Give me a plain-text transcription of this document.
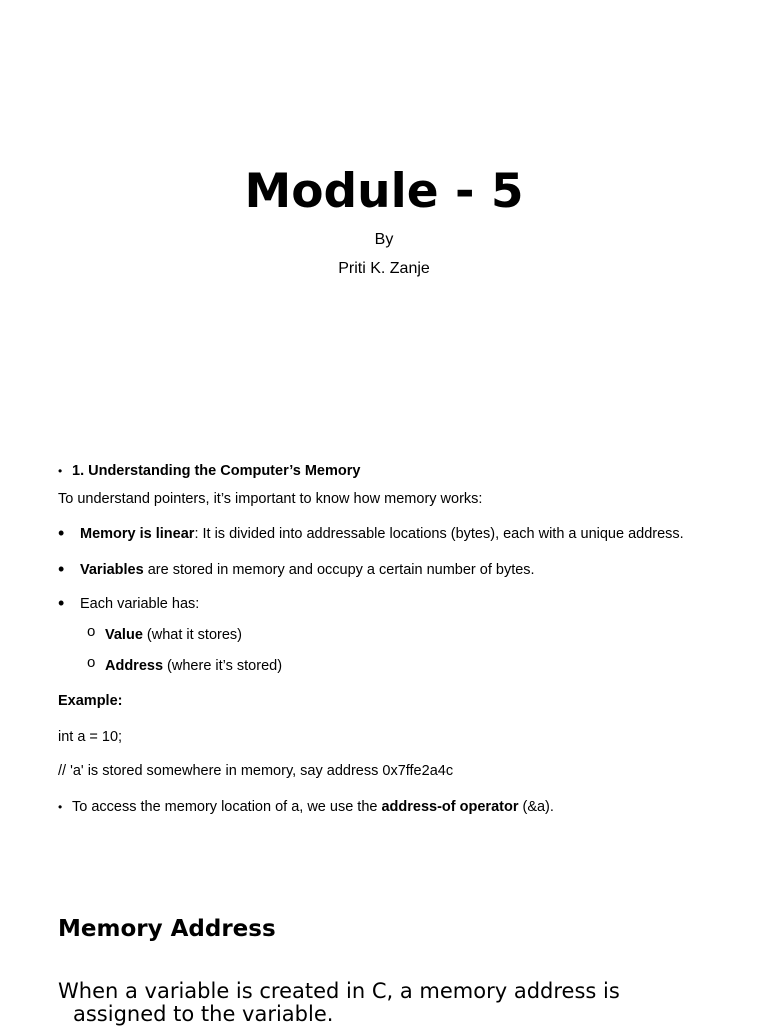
Module - 5

By

Priti K. Zanje

• 1. Understanding the Computer’s Memory

To understand pointers, it’s important to know how memory works:

• Memory is linear: It is divided into addressable locations (bytes), each with a unique address.

• Variables are stored in memory and occupy a certain number of bytes.

• Each variable has:

o Value (what it stores)

o Address (where it’s stored)

Example:

int a = 10;

// 'a' is stored somewhere in memory, say address 0x7ffe2a4c

• To access the memory location of a, we use the address-of operator (&a).

Memory Address

When a variable is created in C, a memory address is
assigned to the variable.
